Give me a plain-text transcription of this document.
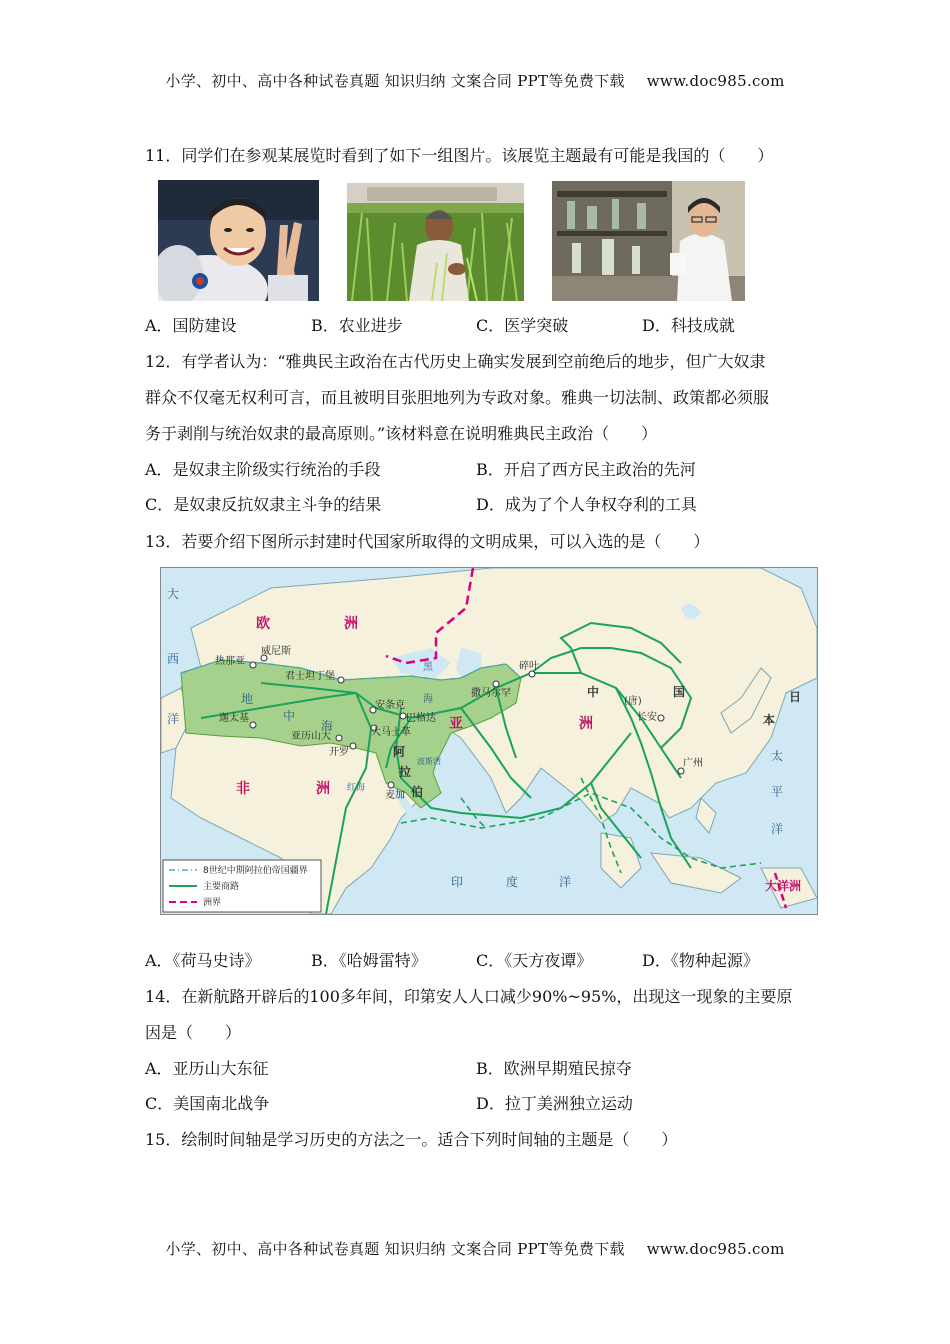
小学、初中、高中各种试卷真题 知识归纳 文案合同 PPT等免费下载 www.doc985.com
11．同学们在参观某展览时看到了如下一组图片。该展览主题最有可能是我国的（　　）
A．国防建设	B．农业进步	C．医学突破	D．科技成就
12．有学者认为：“雅典民主政治在古代历史上确实发展到空前绝后的地步，但广大奴隶
群众不仅毫无权利可言，而且被明目张胆地列为专政对象。雅典一切法制、政策都必须服
务于剥削与统治奴隶的最高原则。”该材料意在说明雅典民主政治（　　）
A．是奴隶主阶级实行统治的手段	B．开启了西方民主政治的先河
C．是奴隶反抗奴隶主斗争的结果	D．成为了个人争权夺利的工具
13．若要介绍下图所示封建时代国家所取得的文明成果，可以入选的是（　　）
欧	洲
亚	洲
非	洲
大洋洲
阿
拉
伯
中	国
(唐)	日
本
太
平
洋
印	度	洋
大
西
洋
地
中
海
黑
海
红海
波斯湾
热那亚
威尼斯
君士坦丁堡
迦太基
亚历山大
开罗
大马士革
安条克
巴格达
麦加
撒马尔罕
碎叶
长安
广州
8世纪中期阿拉伯帝国疆界
主要商路
洲界
A．《荷马史诗》	B．《哈姆雷特》	C．《天方夜谭》	D．《物种起源》
14．在新航路开辟后的100多年间，印第安人人口减少90%~95%，出现这一现象的主要原
因是（　　）
A．亚历山大东征	B．欧洲早期殖民掠夺
C．美国南北战争	D．拉丁美洲独立运动
15．绘制时间轴是学习历史的方法之一。适合下列时间轴的主题是（　　）
小学、初中、高中各种试卷真题 知识归纳 文案合同 PPT等免费下载 www.doc985.com
